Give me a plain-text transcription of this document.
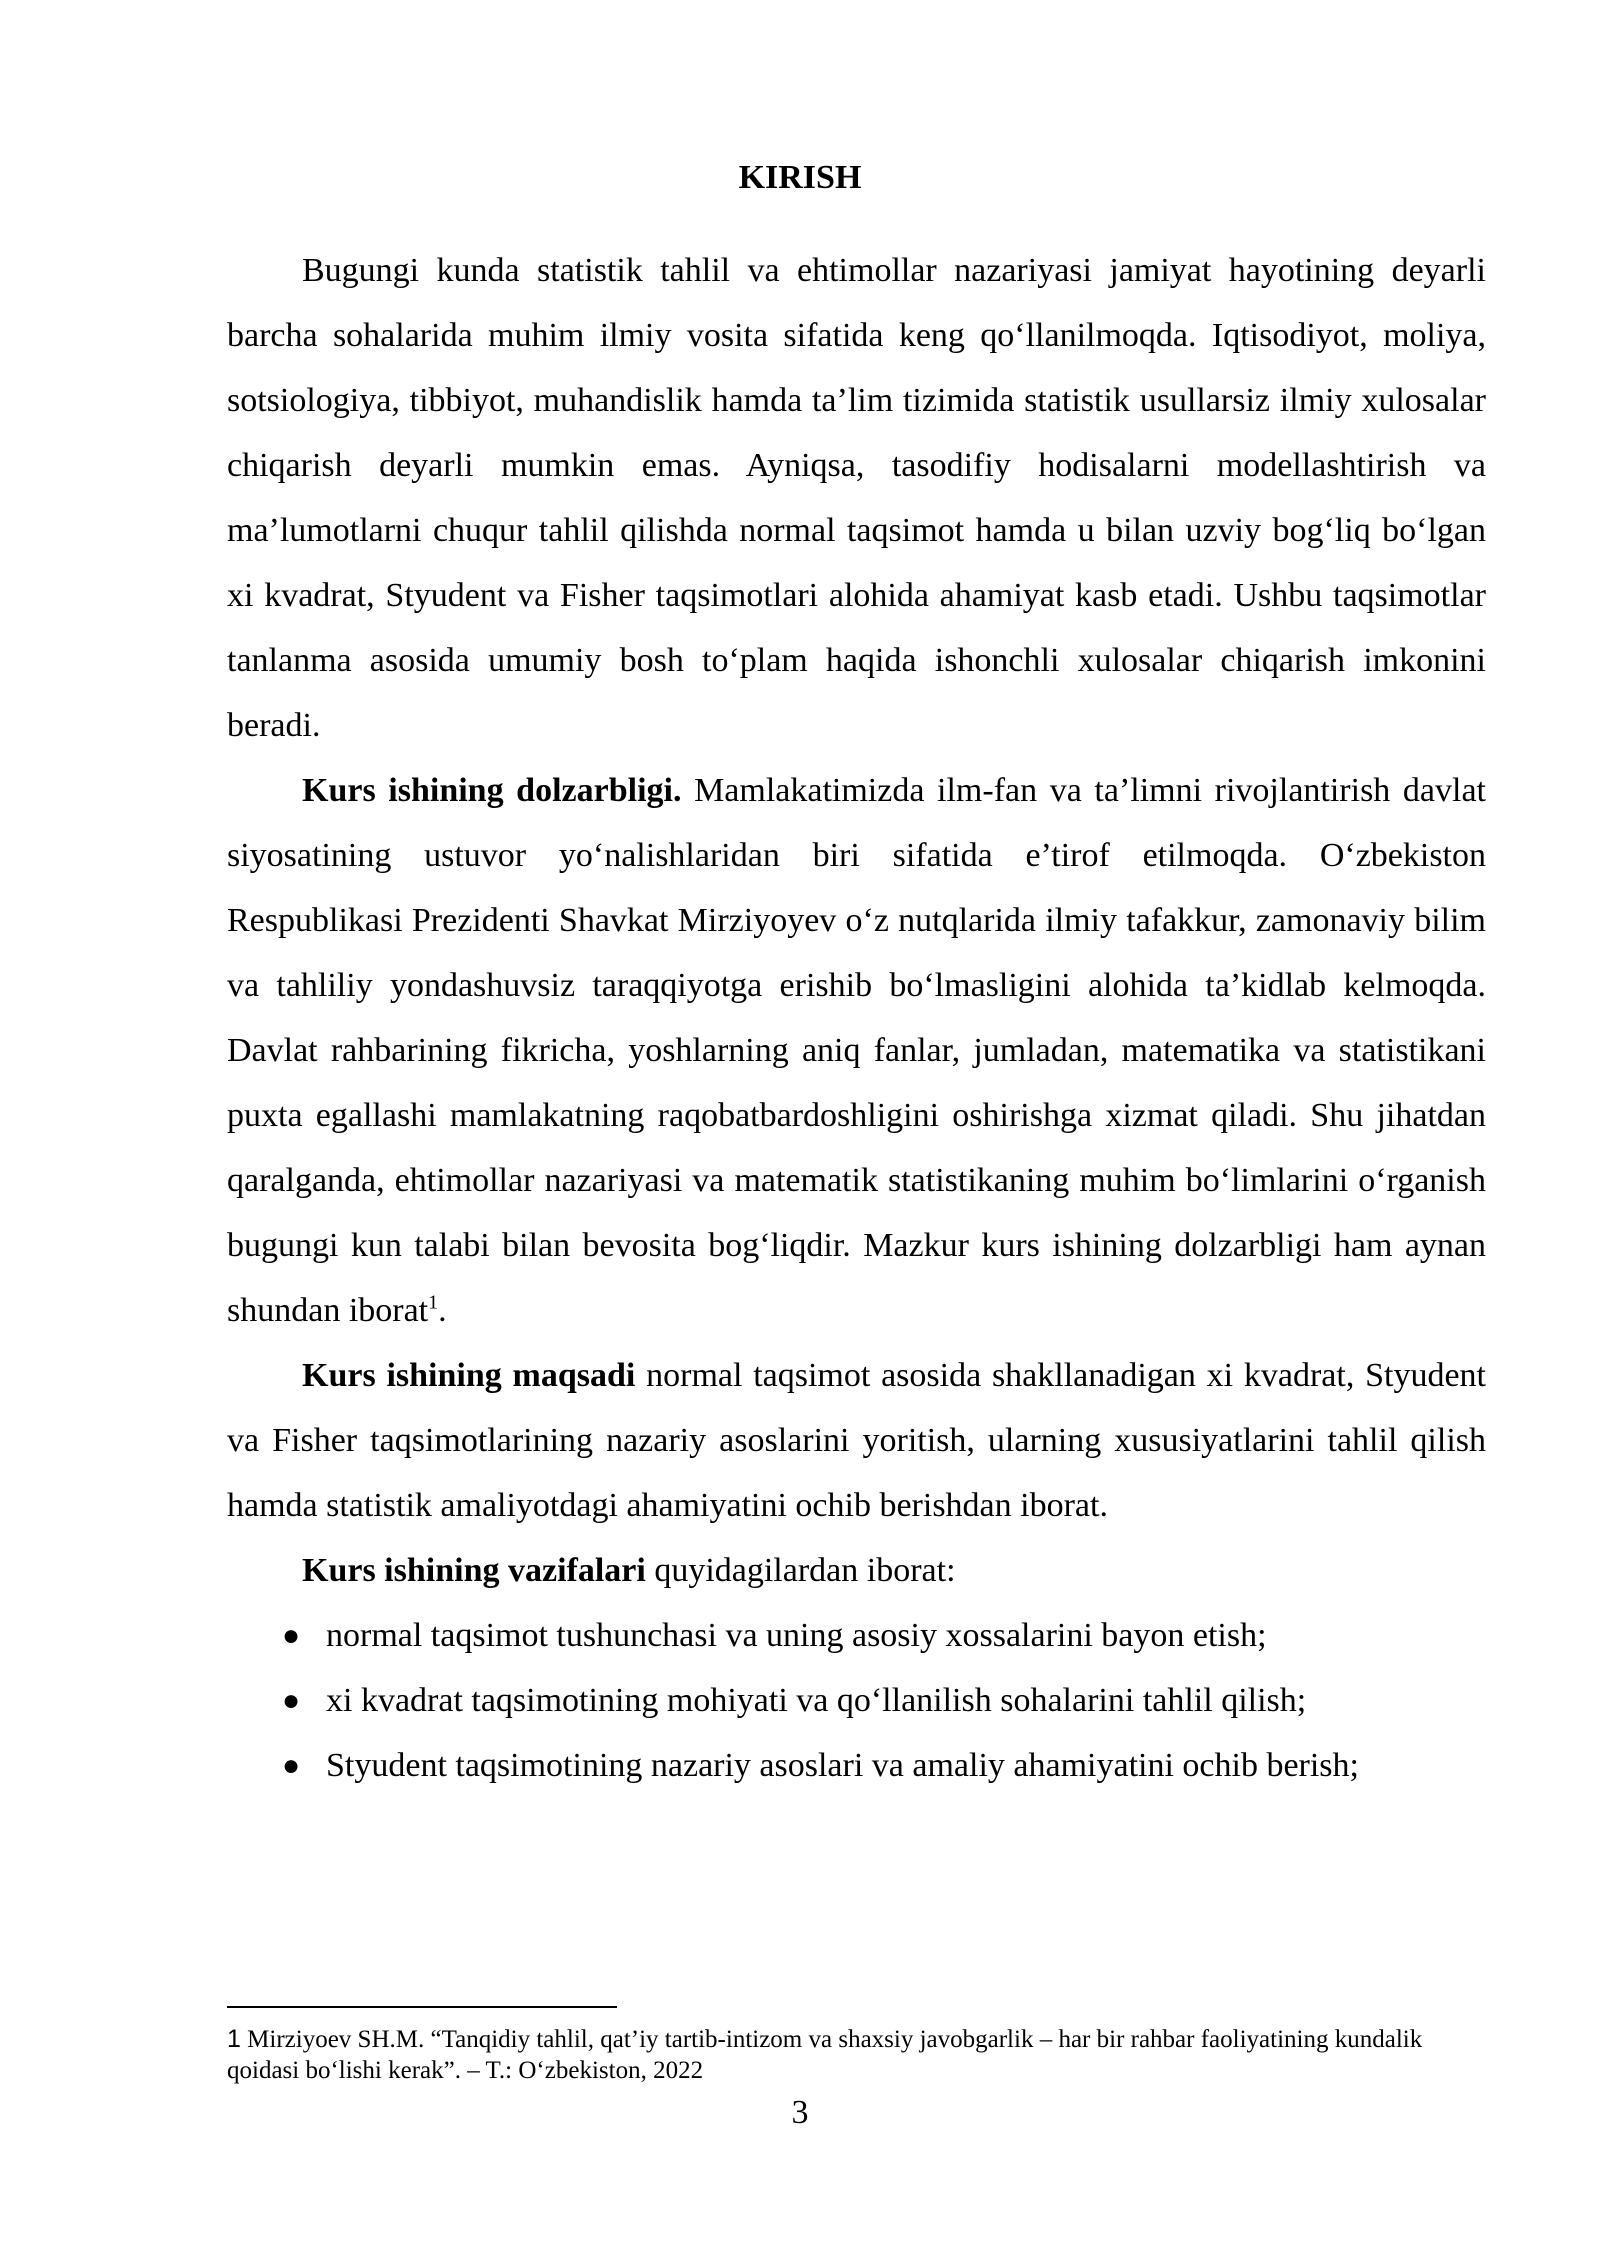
KIRISH

Bugungi kunda statistik tahlil va ehtimollar nazariyasi jamiyat hayotining deyarli barcha sohalarida muhim ilmiy vosita sifatida keng qo‘llanilmoqda. Iqtisodiyot, moliya, sotsiologiya, tibbiyot, muhandislik hamda ta’lim tizimida statistik usullarsiz ilmiy xulosalar chiqarish deyarli mumkin emas. Ayniqsa, tasodifiy hodisalarni modellashtirish va ma’lumotlarni chuqur tahlil qilishda normal taqsimot hamda u bilan uzviy bog‘liq bo‘lgan xi kvadrat, Styudent va Fisher taqsimotlari alohida ahamiyat kasb etadi. Ushbu taqsimotlar tanlanma asosida umumiy bosh to‘plam haqida ishonchli xulosalar chiqarish imkonini beradi.

Kurs ishining dolzarbligi. Mamlakatimizda ilm-fan va ta’limni rivojlantirish davlat siyosatining ustuvor yo‘nalishlaridan biri sifatida e’tirof etilmoqda. O‘zbekiston Respublikasi Prezidenti Shavkat Mirziyoyev o‘z nutqlarida ilmiy tafakkur, zamonaviy bilim va tahliliy yondashuvsiz taraqqiyotga erishib bo‘lmasligini alohida ta’kidlab kelmoqda. Davlat rahbarining fikricha, yoshlarning aniq fanlar, jumladan, matematika va statistikani puxta egallashi mamlakatning raqobatbardoshligini oshirishga xizmat qiladi. Shu jihatdan qaralganda, ehtimollar nazariyasi va matematik statistikaning muhim bo‘limlarini o‘rganish bugungi kun talabi bilan bevosita bog‘liqdir. Mazkur kurs ishining dolzarbligi ham aynan shundan iborat$^1$.

Kurs ishining maqsadi normal taqsimot asosida shakllanadigan xi kvadrat, Styudent va Fisher taqsimotlarining nazariy asoslarini yoritish, ularning xususiyatlarini tahlil qilish hamda statistik amaliyotdagi ahamiyatini ochib berishdan iborat.

Kurs ishining vazifalari quyidagilardan iborat:

● normal taqsimot tushunchasi va uning asosiy xossalarini bayon etish;
● xi kvadrat taqsimotining mohiyati va qo‘llanilish sohalarini tahlil qilish;
● Styudent taqsimotining nazariy asoslari va amaliy ahamiyatini ochib berish;
1 Mirziyoev SH.M. “Tanqidiy tahlil, qat’iy tartib-intizom va shaxsiy javobgarlik – har bir rahbar faoliyatining kundalik qoidasi bo‘lishi kerak”. – T.: O‘zbekiston, 2022
3
